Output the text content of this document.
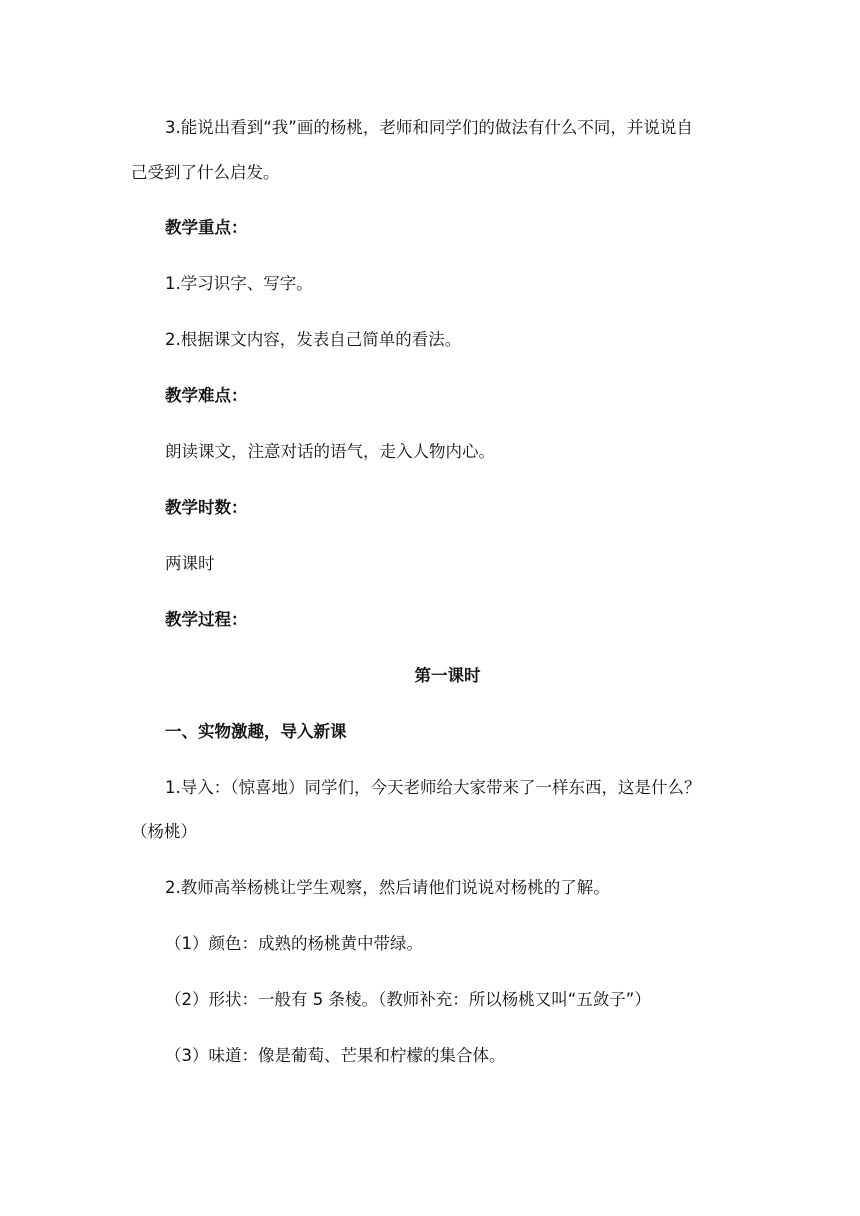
3.能说出看到“我”画的杨桃，老师和同学们的做法有什么不同，并说说自
己受到了什么启发。
教学重点：
1.学习识字、写字。
2.根据课文内容，发表自己简单的看法。
教学难点：
朗读课文，注意对话的语气，走入人物内心。
教学时数：
两课时
教学过程：
第一课时
一、实物激趣，导入新课
1.导入：（惊喜地）同学们，今天老师给大家带来了一样东西，这是什么？
（杨桃）
2.教师高举杨桃让学生观察，然后请他们说说对杨桃的了解。
（1）颜色：成熟的杨桃黄中带绿。
（2）形状：一般有 5 条棱。（教师补充：所以杨桃又叫“五敛子”）
（3）味道：像是葡萄、芒果和柠檬的集合体。
